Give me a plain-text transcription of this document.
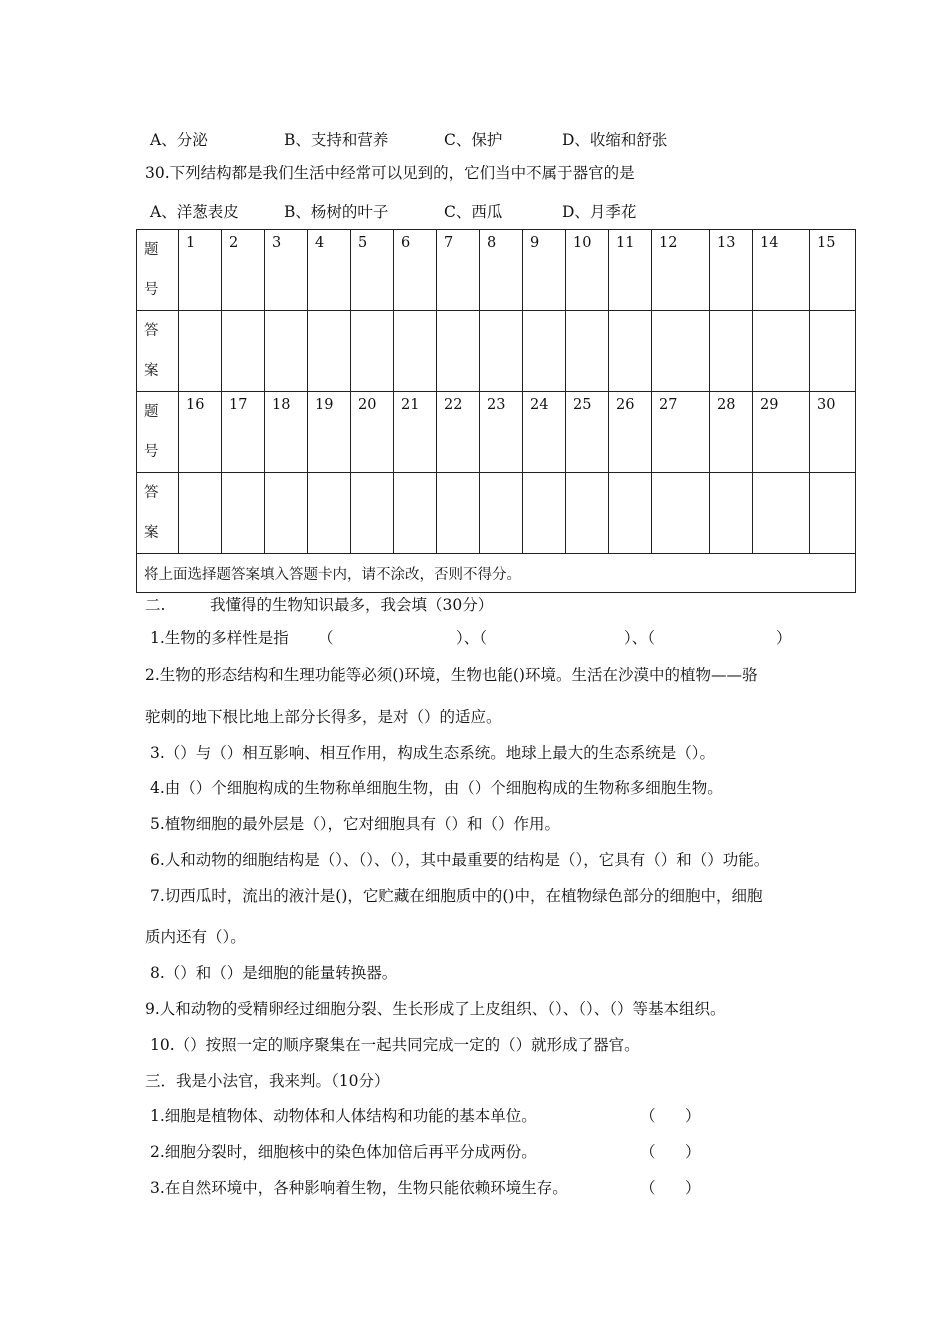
A、分泌	B、支持和营养	C、保护	D、收缩和舒张
30.下列结构都是我们生活中经常可以见到的，它们当中不属于器官的是
A、洋葱表皮	B、杨树的叶子	C、西瓜	D、月季花
题
号	1	2	3	4	5	6	7	8	9	10	11	12	13	14	15

答
案															

题
号	16	17	18	19	20	21	22	23	24	25	26	27	28	29	30

答
案															

将上面选择题答案填入答题卡内，请不涂改，否则不得分。															
二.	我懂得的生物知识最多，我会填（30分）
1.生物的多样性是指 （	）、（	）、（	）
2.生物的形态结构和生理功能等必须()环境，生物也能()环境。生活在沙漠中的植物——骆
驼刺的地下根比地上部分长得多，是对（）的适应。
3.（）与（）相互影响、相互作用，构成生态系统。地球上最大的生态系统是（）。
4.由（）个细胞构成的生物称单细胞生物，由（）个细胞构成的生物称多细胞生物。
5.植物细胞的最外层是（），它对细胞具有（）和（）作用。
6.人和动物的细胞结构是（）、（）、（），其中最重要的结构是（），它具有（）和（）功能。
7.切西瓜时，流出的液汁是()，它贮藏在细胞质中的()中，在植物绿色部分的细胞中，细胞
质内还有（）。
8.（）和（）是细胞的能量转换器。
9.人和动物的受精卵经过细胞分裂、生长形成了上皮组织、（）、（）、（）等基本组织。
10.（）按照一定的顺序聚集在一起共同完成一定的（）就形成了器官。
三．我是小法官，我来判。（10分）
1.细胞是植物体、动物体和人体结构和功能的基本单位。	（      ）
2.细胞分裂时，细胞核中的染色体加倍后再平分成两份。	（      ）
3.在自然环境中，各种影响着生物，生物只能依赖环境生存。	（      ）
